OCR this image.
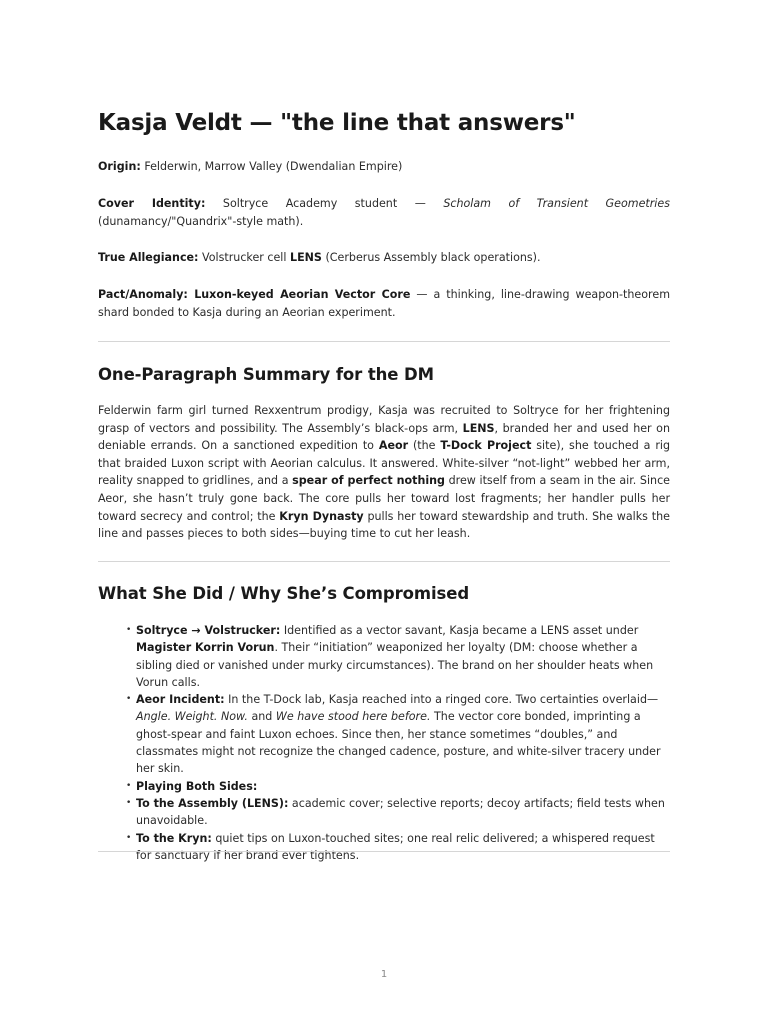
Kasja Veldt — "the line that answers"

Origin: Felderwin, Marrow Valley (Dwendalian Empire)

Cover Identity: Soltryce Academy student — Scholam of Transient Geometries (dunamancy/"Quandrix"-style math).

True Allegiance: Volstrucker cell LENS (Cerberus Assembly black operations).

Pact/Anomaly: Luxon-keyed Aeorian Vector Core — a thinking, line-drawing weapon-theorem shard bonded to Kasja during an Aeorian experiment.

One-Paragraph Summary for the DM

Felderwin farm girl turned Rexxentrum prodigy, Kasja was recruited to Soltryce for her frightening grasp of vectors and possibility. The Assembly’s black-ops arm, LENS, branded her and used her on deniable errands. On a sanctioned expedition to Aeor (the T-Dock Project site), she touched a rig that braided Luxon script with Aeorian calculus. It answered. White-silver “not-light” webbed her arm, reality snapped to gridlines, and a spear of perfect nothing drew itself from a seam in the air. Since Aeor, she hasn’t truly gone back. The core pulls her toward lost fragments; her handler pulls her toward secrecy and control; the Kryn Dynasty pulls her toward stewardship and truth. She walks the line and passes pieces to both sides—buying time to cut her leash.

What She Did / Why She’s Compromised
• Soltryce → Volstrucker: Identified as a vector savant, Kasja became a LENS asset under Magister Korrin Vorun. Their “initiation” weaponized her loyalty (DM: choose whether a sibling died or vanished under murky circumstances). The brand on her shoulder heats when Vorun calls.
• Aeor Incident: In the T-Dock lab, Kasja reached into a ringed core. Two certainties overlaid—Angle. Weight. Now. and We have stood here before. The vector core bonded, imprinting a ghost-spear and faint Luxon echoes. Since then, her stance sometimes “doubles,” and classmates might not recognize the changed cadence, posture, and white-silver tracery under her skin.
• Playing Both Sides:
• To the Assembly (LENS): academic cover; selective reports; decoy artifacts; field tests when unavoidable.
• To the Kryn: quiet tips on Luxon-touched sites; one real relic delivered; a whispered request for sanctuary if her brand ever tightens.
1
